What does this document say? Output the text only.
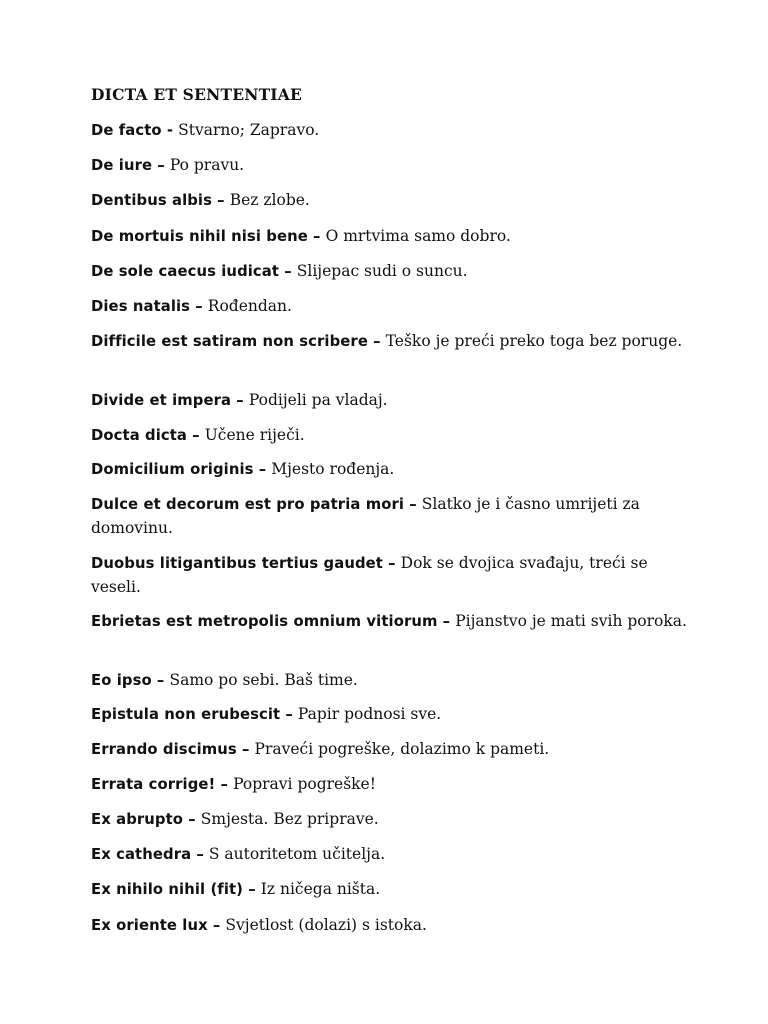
DICTA ET SENTENTIAE
De facto - Stvarno; Zapravo.
De iure – Po pravu.
Dentibus albis – Bez zlobe.
De mortuis nihil nisi bene – O mrtvima samo dobro.
De sole caecus iudicat – Slijepac sudi o suncu.
Dies natalis – Rođendan.
Difficile est satiram non scribere – Teško je preći preko toga bez poruge.
Divide et impera – Podijeli pa vladaj.
Docta dicta – Učene riječi.
Domicilium originis – Mjesto rođenja.
Dulce et decorum est pro patria mori – Slatko je i časno umrijeti za domovinu.
Duobus litigantibus tertius gaudet – Dok se dvojica svađaju, treći se veseli.
Ebrietas est metropolis omnium vitiorum – Pijanstvo je mati svih poroka.
Eo ipso – Samo po sebi. Baš time.
Epistula non erubescit – Papir podnosi sve.
Errando discimus – Praveći pogreške, dolazimo k pameti.
Errata corrige! – Popravi pogreške!
Ex abrupto – Smjesta. Bez priprave.
Ex cathedra – S autoritetom učitelja.
Ex nihilo nihil (fit) – Iz ničega ništa.
Ex oriente lux – Svjetlost (dolazi) s istoka.
